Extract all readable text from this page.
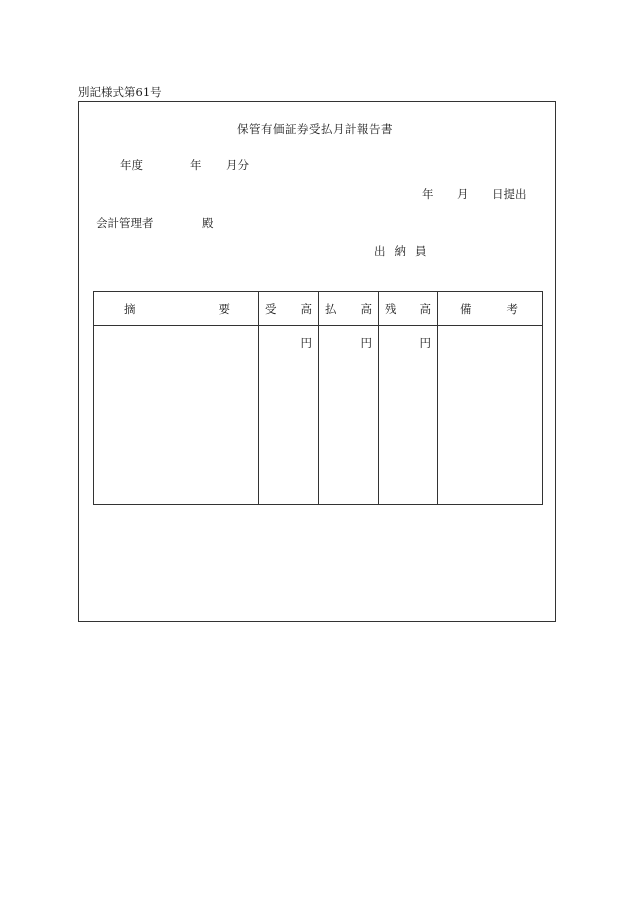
別記様式第61号
保管有価証券受払月計報告書
年度	年 月分
年 月 日提出
会計管理者	殿
出納員
摘 要	受 高	払 高	残 高	備 考

	円	円	円	
